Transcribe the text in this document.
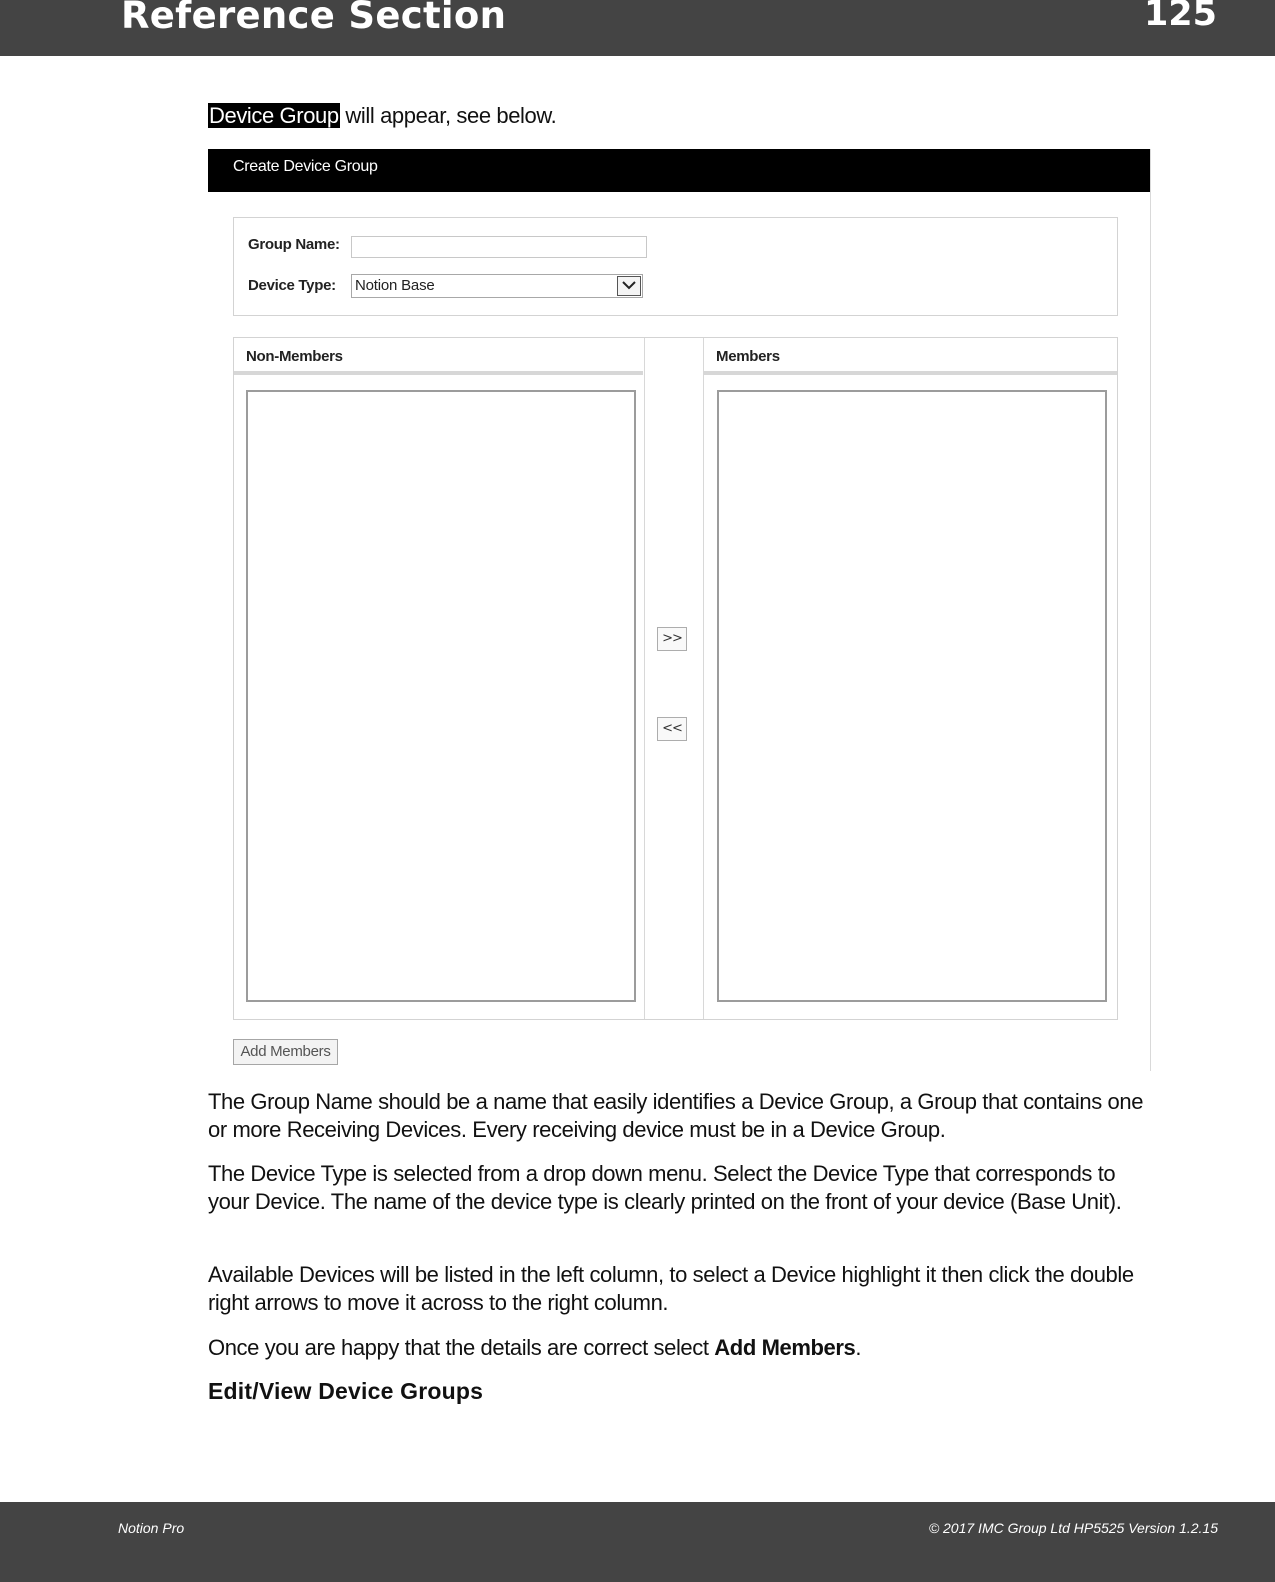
Reference Section	125
Device Group will appear, see below.
Create Device Group
Group Name:
Device Type: Notion Base
Non-Members	Members
>>
<<
Add Members
The Group Name should be a name that easily identifies a Device Group, a Group that contains one or more Receiving Devices. Every receiving device must be in a Device Group.
The Device Type is selected from a drop down menu. Select the Device Type that corresponds to your Device. The name of the device type is clearly printed on the front of your device (Base Unit).
Available Devices will be listed in the left column, to select a Device highlight it then click the double right arrows to move it across to the right column.
Once you are happy that the details are correct select Add Members.
Edit/View Device Groups
Notion Pro	© 2017 IMC Group Ltd HP5525 Version 1.2.15
